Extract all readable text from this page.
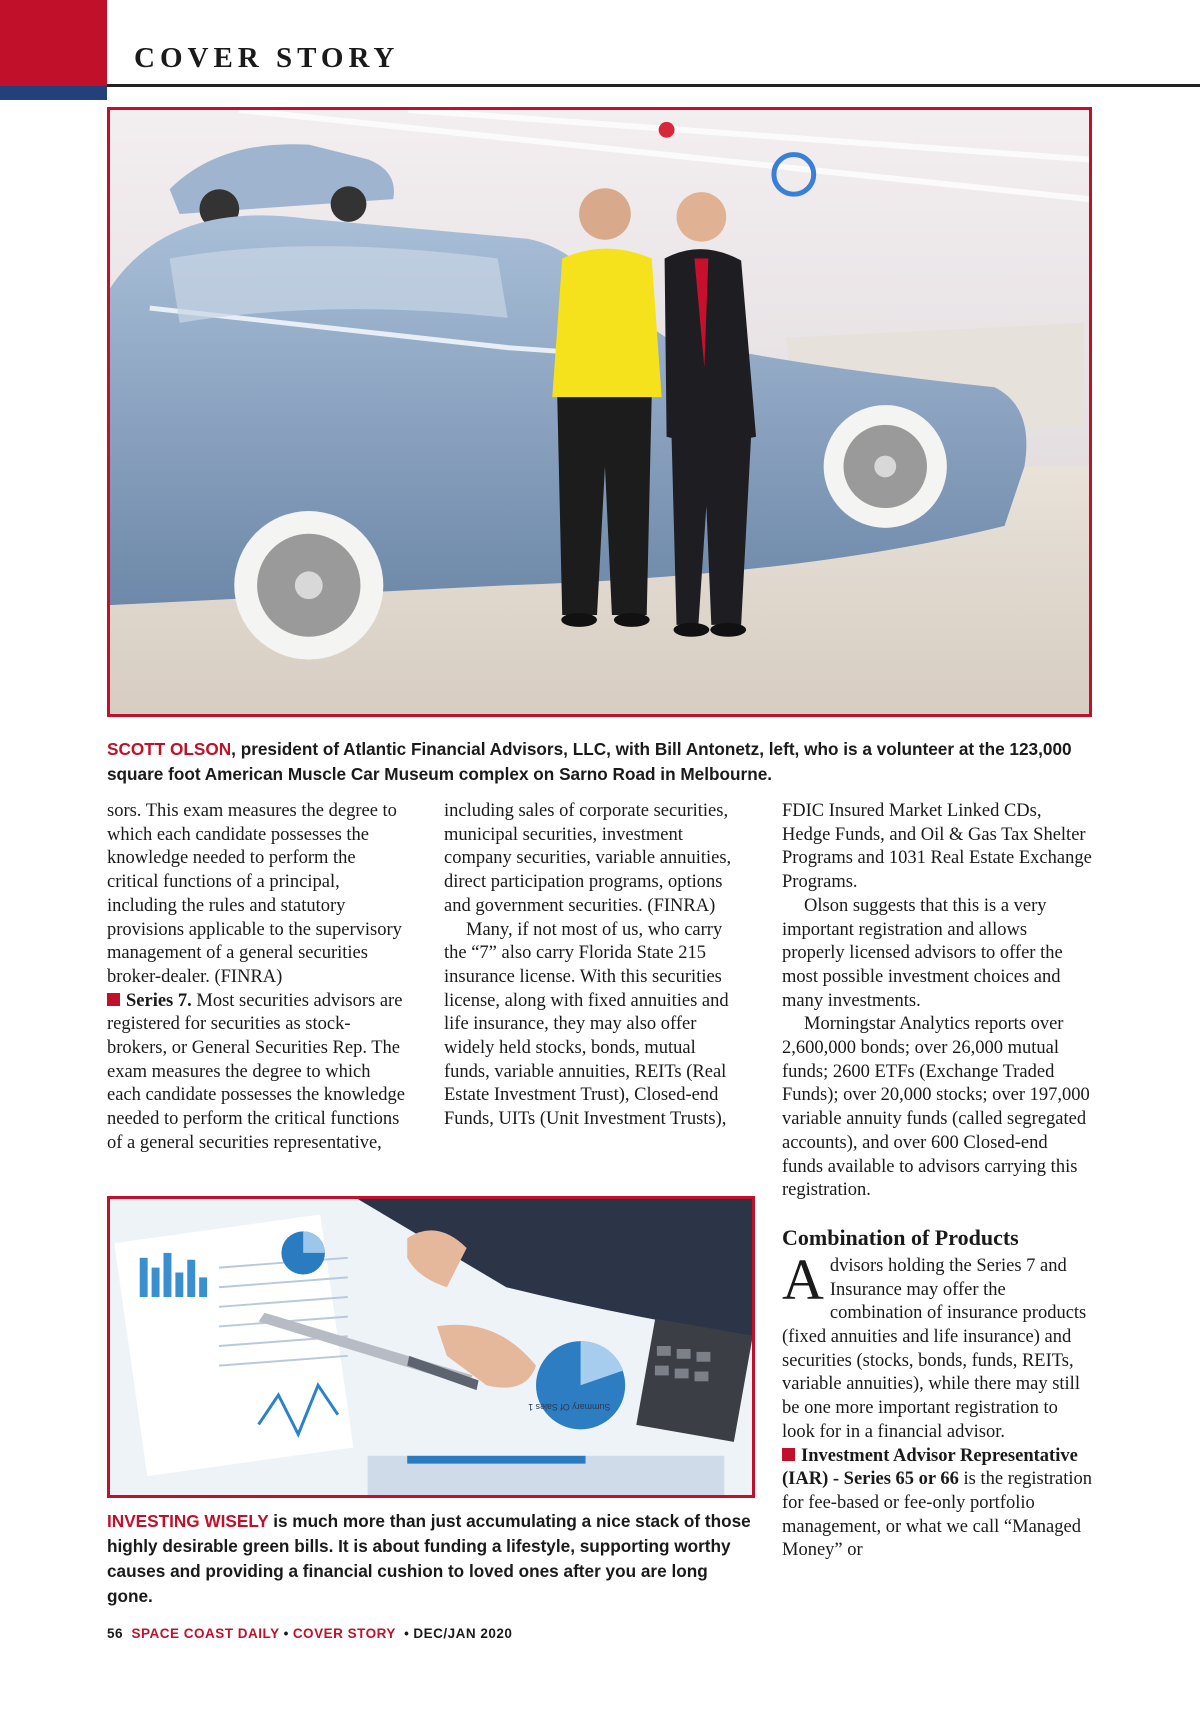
COVER STORY

SCOTT OLSON, president of Atlantic Financial Advisors, LLC, with Bill Antonetz, left, who is a volunteer at the 123,000 square foot American Muscle Car Museum complex on Sarno Road in Melbourne.

sors. This exam measures the degree to which each candidate possesses the knowledge needed to perform the critical functions of a principal, including the rules and statutory provisions applicable to the supervisory management of a general securities broker-dealer. (FINRA)

Series 7. Most securities advisors are registered for securities as stock-brokers, or General Securities Rep. The exam measures the degree to which each candidate possesses the knowledge needed to perform the critical functions of a general securities representative,

including sales of corporate securities, municipal securities, investment company securities, variable annuities, direct participation programs, options and government securities. (FINRA)

Many, if not most of us, who carry the “7” also carry Florida State 215 insurance license. With this securities license, along with fixed annuities and life insurance, they may also offer widely held stocks, bonds, mutual funds, variable annuities, REITs (Real Estate Investment Trust), Closed-end Funds, UITs (Unit Investment Trusts),

FDIC Insured Market Linked CDs, Hedge Funds, and Oil & Gas Tax Shelter Programs and 1031 Real Estate Exchange Programs.

Olson suggests that this is a very important registration and allows properly licensed advisors to offer the most possible investment choices and many investments.

Morningstar Analytics reports over 2,600,000 bonds; over 26,000 mutual funds; 2600 ETFs (Exchange Traded Funds); over 20,000 stocks; over 197,000 variable annuity funds (called segregated accounts), and over 600 Closed-end funds available to advisors carrying this registration.

Combination of Products

Advisors holding the Series 7 and Insurance may offer the combination of insurance products (fixed annuities and life insurance) and securities (stocks, bonds, funds, REITs, variable annuities), while there may still be one more important registration to look for in a financial advisor.

Investment Advisor Representative (IAR) - Series 65 or 66 is the registration for fee-based or fee-only portfolio management, or what we call “Managed Money” or

Summary Of Sales 1

INVESTING WISELY is much more than just accumulating a nice stack of those highly desirable green bills. It is about funding a lifestyle, supporting worthy causes and providing a financial cushion to loved ones after you are long gone.

56 SPACE COAST DAILY • COVER STORY • DEC/JAN 2020
